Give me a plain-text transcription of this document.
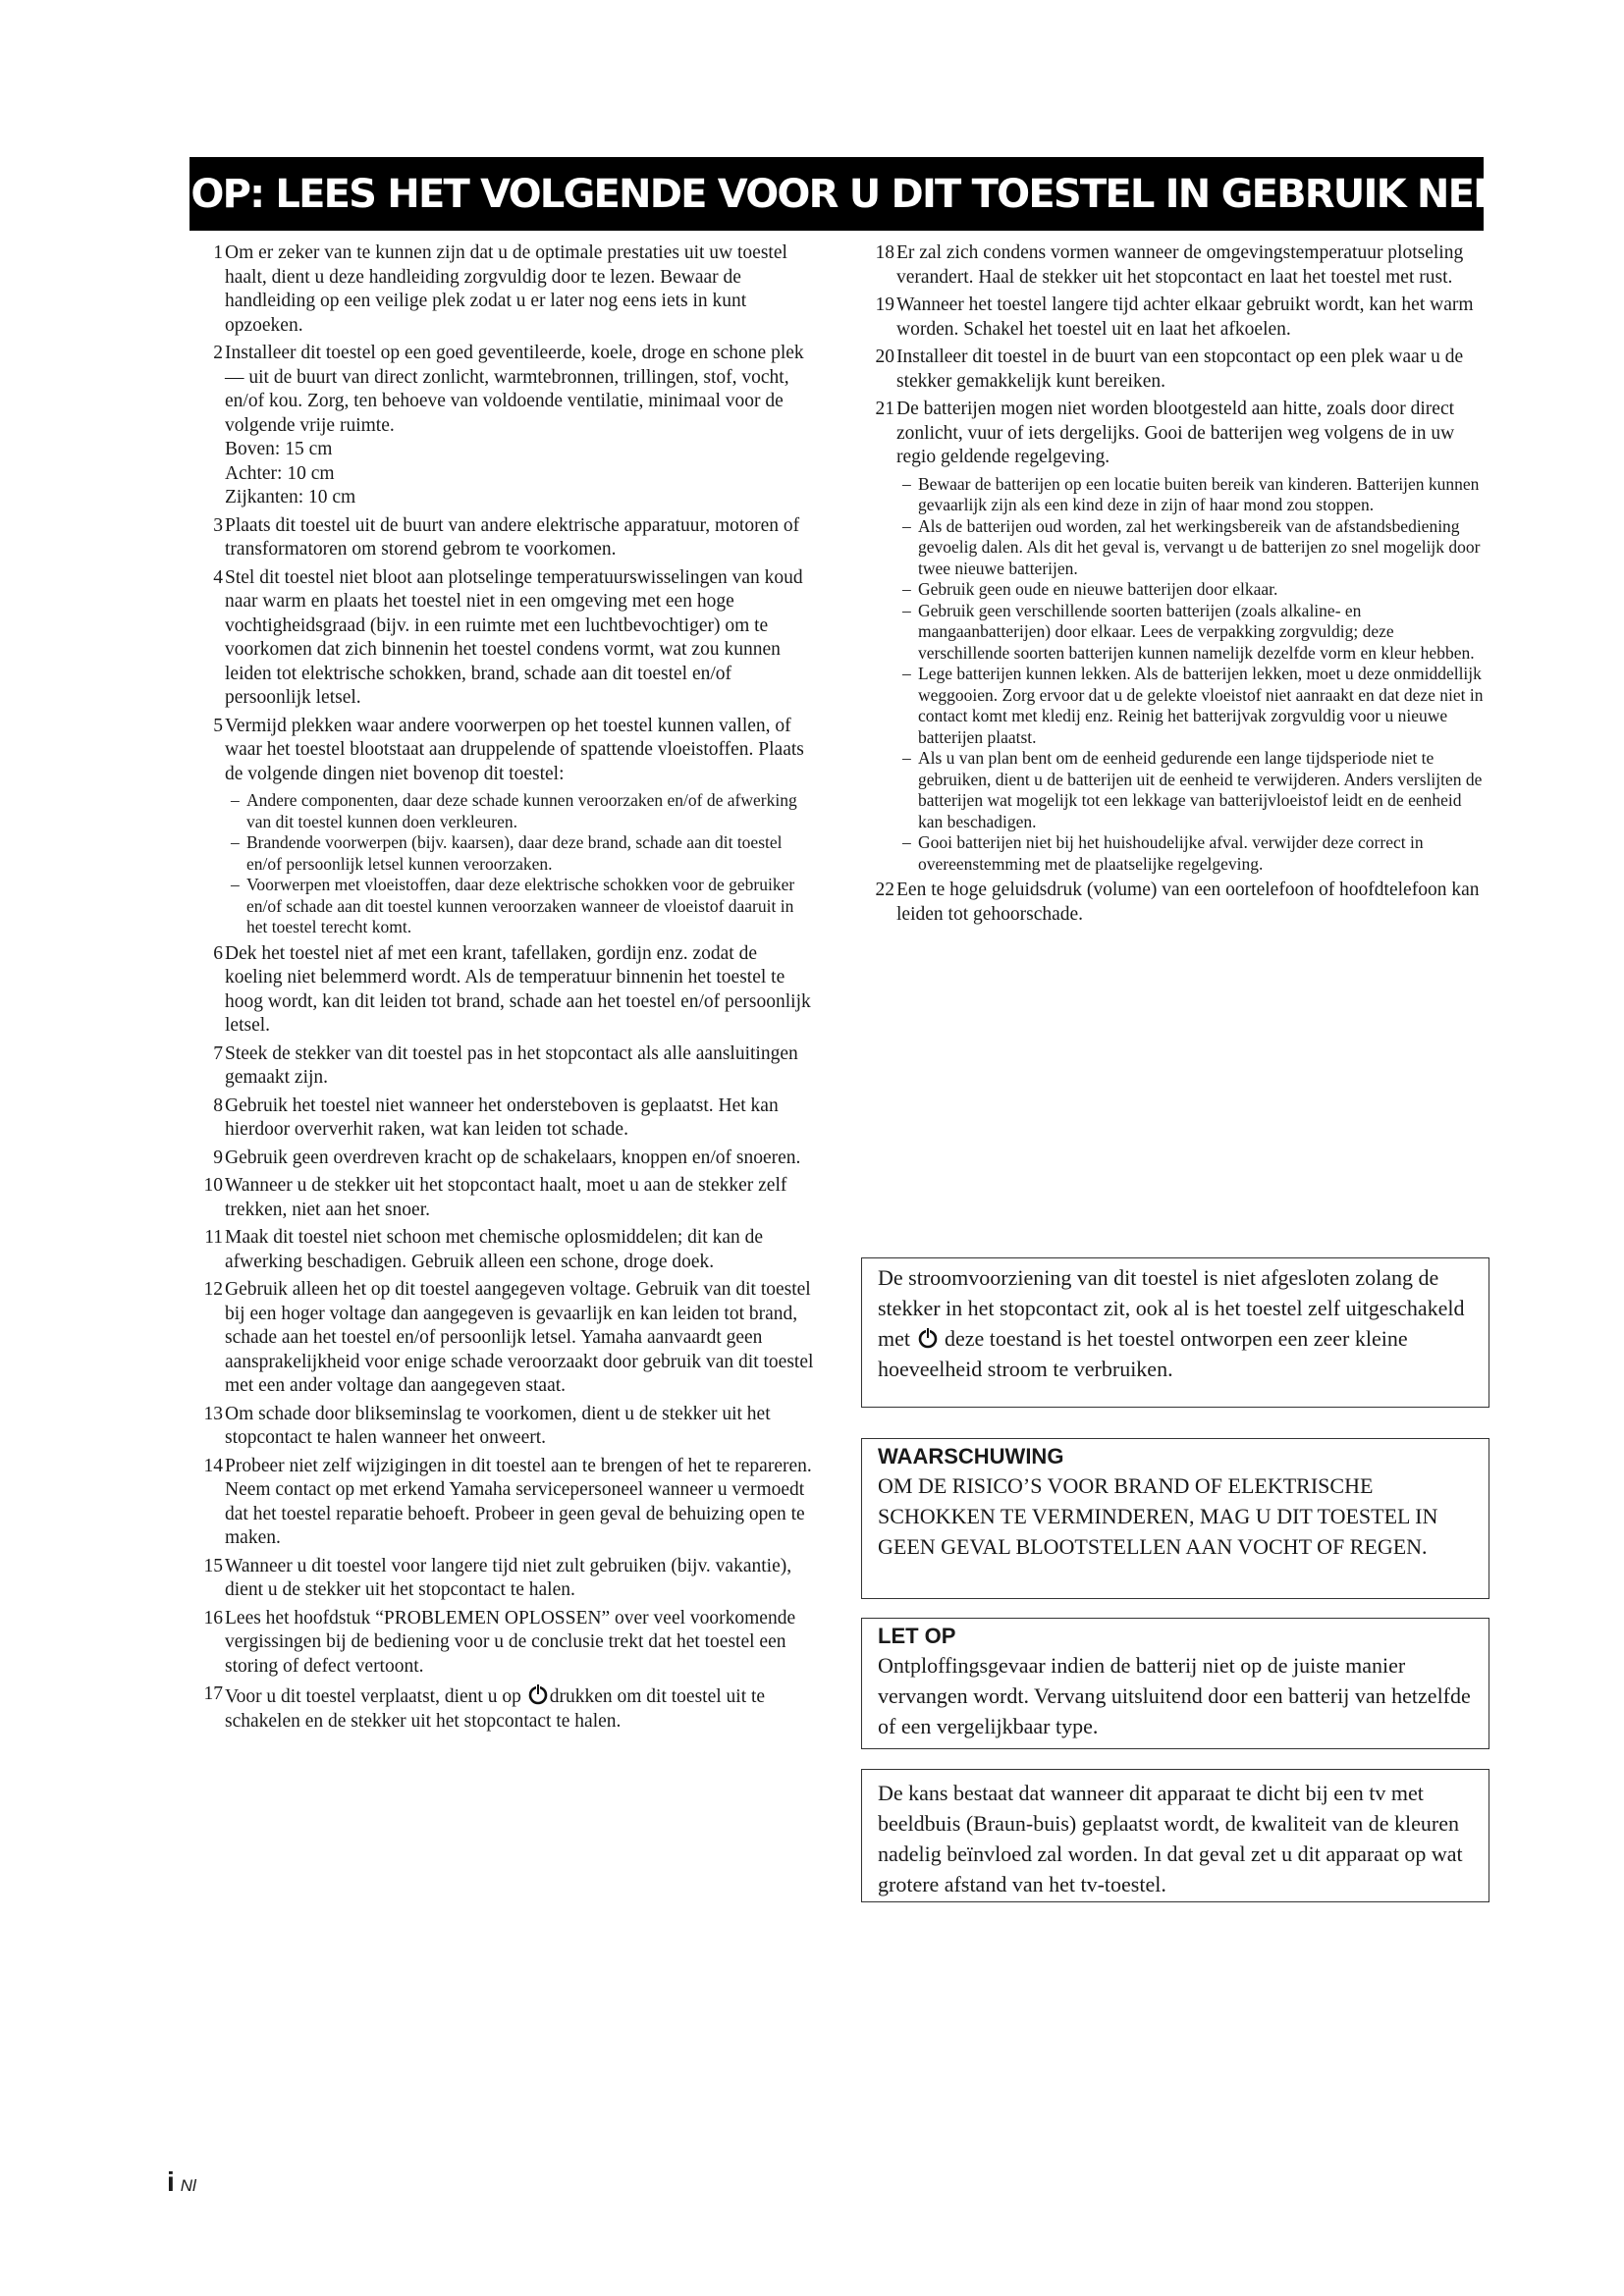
LET OP: LEES HET VOLGENDE VOOR U DIT TOESTEL IN GEBRUIK NEEMT.
1 Om er zeker van te kunnen zijn dat u de optimale prestaties uit uw toestel haalt, dient u deze handleiding zorgvuldig door te lezen. Bewaar de handleiding op een veilige plek zodat u er later nog eens iets in kunt opzoeken.
2 Installeer dit toestel op een goed geventileerde, koele, droge en schone plek — uit de buurt van direct zonlicht, warmtebronnen, trillingen, stof, vocht, en/of kou. Zorg, ten behoeve van voldoende ventilatie, minimaal voor de volgende vrije ruimte.
Boven: 15 cm
Achter: 10 cm
Zijkanten: 10 cm
3 Plaats dit toestel uit de buurt van andere elektrische apparatuur, motoren of transformatoren om storend gebrom te voorkomen.
4 Stel dit toestel niet bloot aan plotselinge temperatuurswisselingen van koud naar warm en plaats het toestel niet in een omgeving met een hoge vochtigheidsgraad (bijv. in een ruimte met een luchtbevochtiger) om te voorkomen dat zich binnenin het toestel condens vormt, wat zou kunnen leiden tot elektrische schokken, brand, schade aan dit toestel en/of persoonlijk letsel.
5 Vermijd plekken waar andere voorwerpen op het toestel kunnen vallen, of waar het toestel blootstaat aan druppelende of spattende vloeistoffen. Plaats de volgende dingen niet bovenop dit toestel:
– Andere componenten, daar deze schade kunnen veroorzaken en/of de afwerking van dit toestel kunnen doen verkleuren.
– Brandende voorwerpen (bijv. kaarsen), daar deze brand, schade aan dit toestel en/of persoonlijk letsel kunnen veroorzaken.
– Voorwerpen met vloeistoffen, daar deze elektrische schokken voor de gebruiker en/of schade aan dit toestel kunnen veroorzaken wanneer de vloeistof daaruit in het toestel terecht komt.
6 Dek het toestel niet af met een krant, tafellaken, gordijn enz. zodat de koeling niet belemmerd wordt. Als de temperatuur binnenin het toestel te hoog wordt, kan dit leiden tot brand, schade aan het toestel en/of persoonlijk letsel.
7 Steek de stekker van dit toestel pas in het stopcontact als alle aansluitingen gemaakt zijn.
8 Gebruik het toestel niet wanneer het ondersteboven is geplaatst. Het kan hierdoor oververhit raken, wat kan leiden tot schade.
9 Gebruik geen overdreven kracht op de schakelaars, knoppen en/of snoeren.
10 Wanneer u de stekker uit het stopcontact haalt, moet u aan de stekker zelf trekken, niet aan het snoer.
11 Maak dit toestel niet schoon met chemische oplosmiddelen; dit kan de afwerking beschadigen. Gebruik alleen een schone, droge doek.
12 Gebruik alleen het op dit toestel aangegeven voltage. Gebruik van dit toestel bij een hoger voltage dan aangegeven is gevaarlijk en kan leiden tot brand, schade aan het toestel en/of persoonlijk letsel. Yamaha aanvaardt geen aansprakelijkheid voor enige schade veroorzaakt door gebruik van dit toestel met een ander voltage dan aangegeven staat.
13 Om schade door blikseminslag te voorkomen, dient u de stekker uit het stopcontact te halen wanneer het onweert.
14 Probeer niet zelf wijzigingen in dit toestel aan te brengen of het te repareren. Neem contact op met erkend Yamaha servicepersoneel wanneer u vermoedt dat het toestel reparatie behoeft. Probeer in geen geval de behuizing open te maken.
15 Wanneer u dit toestel voor langere tijd niet zult gebruiken (bijv. vakantie), dient u de stekker uit het stopcontact te halen.
16 Lees het hoofdstuk “PROBLEMEN OPLOSSEN” over veel voorkomende vergissingen bij de bediening voor u de conclusie trekt dat het toestel een storing of defect vertoont.
17 Voor u dit toestel verplaatst, dient u op drukken om dit toestel uit te schakelen en de stekker uit het stopcontact te halen.
18 Er zal zich condens vormen wanneer de omgevingstemperatuur plotseling verandert. Haal de stekker uit het stopcontact en laat het toestel met rust.
19 Wanneer het toestel langere tijd achter elkaar gebruikt wordt, kan het warm worden. Schakel het toestel uit en laat het afkoelen.
20 Installeer dit toestel in de buurt van een stopcontact op een plek waar u de stekker gemakkelijk kunt bereiken.
21 De batterijen mogen niet worden blootgesteld aan hitte, zoals door direct zonlicht, vuur of iets dergelijks. Gooi de batterijen weg volgens de in uw regio geldende regelgeving.
– Bewaar de batterijen op een locatie buiten bereik van kinderen. Batterijen kunnen gevaarlijk zijn als een kind deze in zijn of haar mond zou stoppen.
– Als de batterijen oud worden, zal het werkingsbereik van de afstandsbediening gevoelig dalen. Als dit het geval is, vervangt u de batterijen zo snel mogelijk door twee nieuwe batterijen.
– Gebruik geen oude en nieuwe batterijen door elkaar.
– Gebruik geen verschillende soorten batterijen (zoals alkaline- en mangaanbatterijen) door elkaar. Lees de verpakking zorgvuldig; deze verschillende soorten batterijen kunnen namelijk dezelfde vorm en kleur hebben.
– Lege batterijen kunnen lekken. Als de batterijen lekken, moet u deze onmiddellijk weggooien. Zorg ervoor dat u de gelekte vloeistof niet aanraakt en dat deze niet in contact komt met kledij enz. Reinig het batterijvak zorgvuldig voor u nieuwe batterijen plaatst.
– Als u van plan bent om de eenheid gedurende een lange tijdsperiode niet te gebruiken, dient u de batterijen uit de eenheid te verwijderen. Anders verslijten de batterijen wat mogelijk tot een lekkage van batterijvloeistof leidt en de eenheid kan beschadigen.
– Gooi batterijen niet bij het huishoudelijke afval. verwijder deze correct in overeenstemming met de plaatselijke regelgeving.
22 Een te hoge geluidsdruk (volume) van een oortelefoon of hoofdtelefoon kan leiden tot gehoorschade.
De stroomvoorziening van dit toestel is niet afgesloten zolang de stekker in het stopcontact zit, ook al is het toestel zelf uitgeschakeld met deze toestand is het toestel ontworpen een zeer kleine hoeveelheid stroom te verbruiken.
WAARSCHUWING
OM DE RISICO’S VOOR BRAND OF ELEKTRISCHE SCHOKKEN TE VERMINDEREN, MAG U DIT TOESTEL IN GEEN GEVAL BLOOTSTELLEN AAN VOCHT OF REGEN.
LET OP
Ontploffingsgevaar indien de batterij niet op de juiste manier vervangen wordt. Vervang uitsluitend door een batterij van hetzelfde of een vergelijkbaar type.
De kans bestaat dat wanneer dit apparaat te dicht bij een tv met beeldbuis (Braun-buis) geplaatst wordt, de kwaliteit van de kleuren nadelig beïnvloed zal worden. In dat geval zet u dit apparaat op wat grotere afstand van het tv-toestel.
i Nl
